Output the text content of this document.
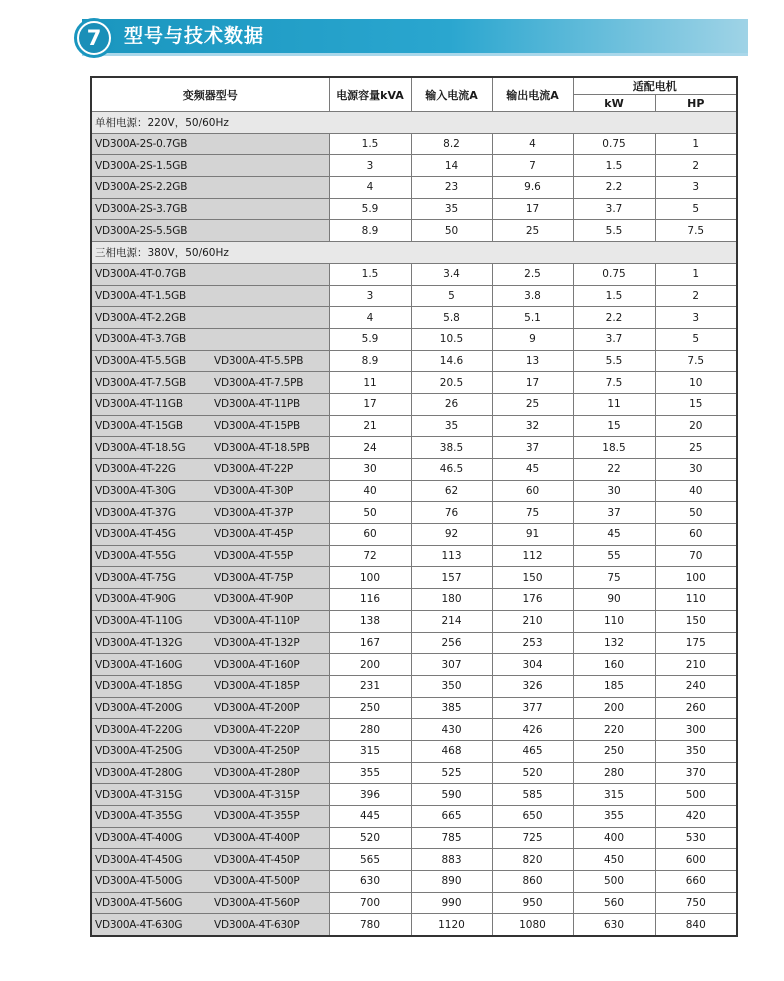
7	型号与技术数据
变频器型号	电源容量kVA	输入电流A	输出电流A	适配电机	
				kW	HP
单相电源：220V，50/60Hz					
VD300A-2S-0.7GB	1.5	8.2	4	0.75	1
VD300A-2S-1.5GB	3	14	7	1.5	2
VD300A-2S-2.2GB	4	23	9.6	2.2	3
VD300A-2S-3.7GB	5.9	35	17	3.7	5
VD300A-2S-5.5GB	8.9	50	25	5.5	7.5
三相电源：380V，50/60Hz					
VD300A-4T-0.7GB	1.5	3.4	2.5	0.75	1
VD300A-4T-1.5GB	3	5	3.8	1.5	2
VD300A-4T-2.2GB	4	5.8	5.1	2.2	3
VD300A-4T-3.7GB	5.9	10.5	9	3.7	5
VD300A-4T-5.5GB VD300A-4T-5.5PB	8.9	14.6	13	5.5	7.5
VD300A-4T-7.5GB VD300A-4T-7.5PB	11	20.5	17	7.5	10
VD300A-4T-11GB VD300A-4T-11PB	17	26	25	11	15
VD300A-4T-15GB VD300A-4T-15PB	21	35	32	15	20
VD300A-4T-18.5G VD300A-4T-18.5PB	24	38.5	37	18.5	25
VD300A-4T-22G VD300A-4T-22P	30	46.5	45	22	30
VD300A-4T-30G VD300A-4T-30P	40	62	60	30	40
VD300A-4T-37G VD300A-4T-37P	50	76	75	37	50
VD300A-4T-45G VD300A-4T-45P	60	92	91	45	60
VD300A-4T-55G VD300A-4T-55P	72	113	112	55	70
VD300A-4T-75G VD300A-4T-75P	100	157	150	75	100
VD300A-4T-90G VD300A-4T-90P	116	180	176	90	110
VD300A-4T-110G VD300A-4T-110P	138	214	210	110	150
VD300A-4T-132G VD300A-4T-132P	167	256	253	132	175
VD300A-4T-160G VD300A-4T-160P	200	307	304	160	210
VD300A-4T-185G VD300A-4T-185P	231	350	326	185	240
VD300A-4T-200G VD300A-4T-200P	250	385	377	200	260
VD300A-4T-220G VD300A-4T-220P	280	430	426	220	300
VD300A-4T-250G VD300A-4T-250P	315	468	465	250	350
VD300A-4T-280G VD300A-4T-280P	355	525	520	280	370
VD300A-4T-315G VD300A-4T-315P	396	590	585	315	500
VD300A-4T-355G VD300A-4T-355P	445	665	650	355	420
VD300A-4T-400G VD300A-4T-400P	520	785	725	400	530
VD300A-4T-450G VD300A-4T-450P	565	883	820	450	600
VD300A-4T-500G VD300A-4T-500P	630	890	860	500	660
VD300A-4T-560G VD300A-4T-560P	700	990	950	560	750
VD300A-4T-630G VD300A-4T-630P	780	1120	1080	630	840
